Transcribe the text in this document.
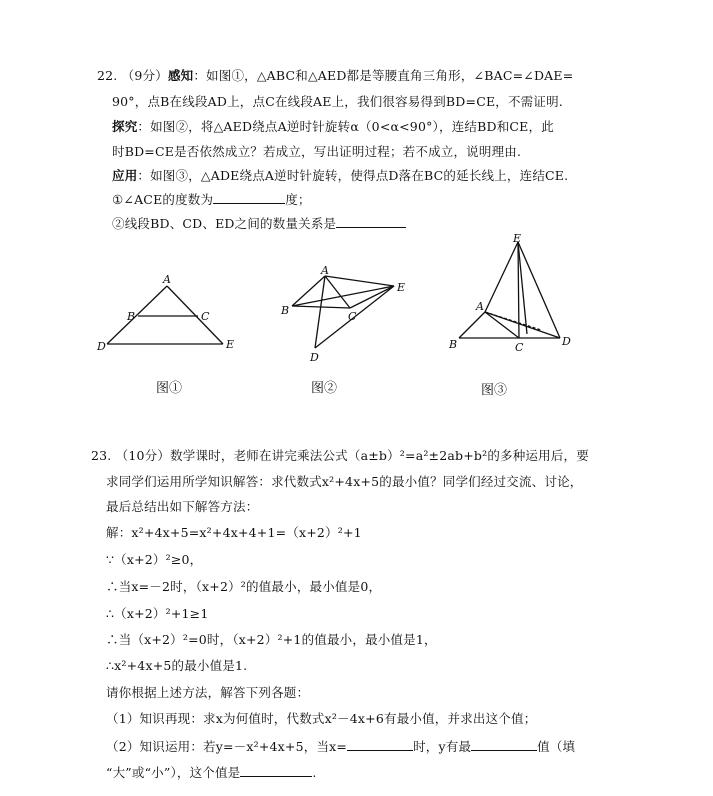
22. （9分）感知：如图①，△ABC和△AED都是等腰直角三角形，∠BAC=∠DAE=
90°，点B在线段AD上，点C在线段AE上，我们很容易得到BD=CE，不需证明.
探究：如图②，将△AED绕点A逆时针旋转α（0<α<90°），连结BD和CE，此
时BD=CE是否依然成立？若成立，写出证明过程；若不成立，说明理由.
应用：如图③，△ADE绕点A逆时针旋转，使得点D落在BC的延长线上，连结CE.
①∠ACE的度数为	度；
②线段BD、CD、ED之间的数量关系是
A
B	C
D	E
A
B	C
D
E
E
A
B	C	D
图①	图②	图③
23. （10分）数学课时，老师在讲完乘法公式（a±b）²=a²±2ab+b²的多种运用后，要
求同学们运用所学知识解答：求代数式x²+4x+5的最小值？同学们经过交流、讨论，
最后总结出如下解答方法：
解：x²+4x+5=x²+4x+4+1=（x+2）²+1
∵（x+2）²≥0，
∴当x=－2时，（x+2）²的值最小，最小值是0，
∴（x+2）²+1≥1
∴当（x+2）²=0时，（x+2）²+1的值最小，最小值是1，
∴x²+4x+5的最小值是1.
请你根据上述方法，解答下列各题：
（1）知识再现：求x为何值时，代数式x²－4x+6有最小值，并求出这个值；
（2）知识运用：若y=－x²+4x+5，当x=	时，y有最	值（填
“大”或“小”），这个值是	.
